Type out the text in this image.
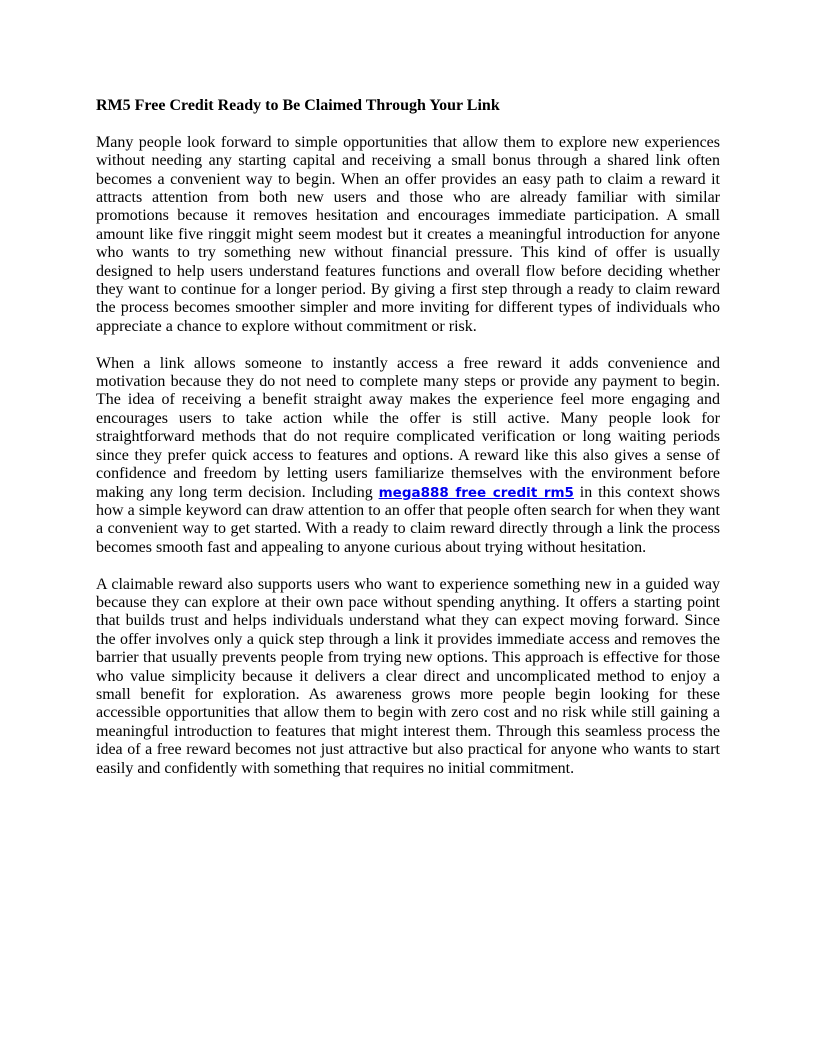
RM5 Free Credit Ready to Be Claimed Through Your Link

Many people look forward to simple opportunities that allow them to explore new experiences without needing any starting capital and receiving a small bonus through a shared link often becomes a convenient way to begin. When an offer provides an easy path to claim a reward it attracts attention from both new users and those who are already familiar with similar promotions because it removes hesitation and encourages immediate participation. A small amount like five ringgit might seem modest but it creates a meaningful introduction for anyone who wants to try something new without financial pressure. This kind of offer is usually designed to help users understand features functions and overall flow before deciding whether they want to continue for a longer period. By giving a first step through a ready to claim reward the process becomes smoother simpler and more inviting for different types of individuals who appreciate a chance to explore without commitment or risk.

When a link allows someone to instantly access a free reward it adds convenience and motivation because they do not need to complete many steps or provide any payment to begin. The idea of receiving a benefit straight away makes the experience feel more engaging and encourages users to take action while the offer is still active. Many people look for straightforward methods that do not require complicated verification or long waiting periods since they prefer quick access to features and options. A reward like this also gives a sense of confidence and freedom by letting users familiarize themselves with the environment before making any long term decision. Including mega888 free credit rm5 in this context shows how a simple keyword can draw attention to an offer that people often search for when they want a convenient way to get started. With a ready to claim reward directly through a link the process becomes smooth fast and appealing to anyone curious about trying without hesitation.

A claimable reward also supports users who want to experience something new in a guided way because they can explore at their own pace without spending anything. It offers a starting point that builds trust and helps individuals understand what they can expect moving forward. Since the offer involves only a quick step through a link it provides immediate access and removes the barrier that usually prevents people from trying new options. This approach is effective for those who value simplicity because it delivers a clear direct and uncomplicated method to enjoy a small benefit for exploration. As awareness grows more people begin looking for these accessible opportunities that allow them to begin with zero cost and no risk while still gaining a meaningful introduction to features that might interest them. Through this seamless process the idea of a free reward becomes not just attractive but also practical for anyone who wants to start easily and confidently with something that requires no initial commitment.
